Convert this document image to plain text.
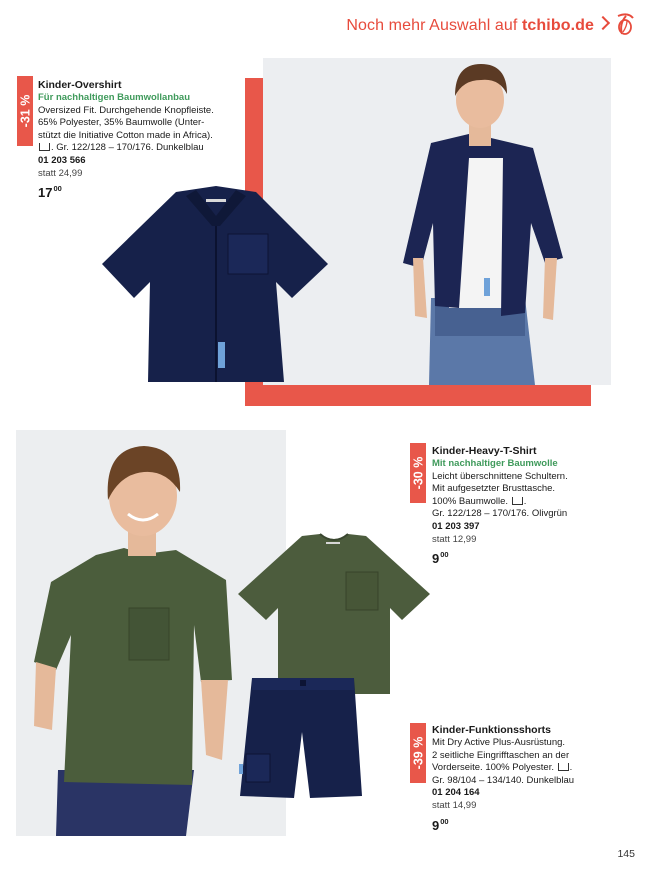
Noch mehr Auswahl auf tchibo.de
-31 %
Kinder-Overshirt
Für nachhaltigen Baumwollanbau
Oversized Fit. Durchgehende Knopfleiste.
65% Polyester, 35% Baumwolle (Unter-
stützt die Initiative Cotton made in Africa).
. Gr. 122/128 – 170/176. Dunkelblau
01 203 566
statt 24,99
$17^{00}$
-30 %
Kinder-Heavy-T-Shirt
Mit nachhaltiger Baumwolle
Leicht überschnittene Schultern.
Mit aufgesetzter Brusttasche.
100% Baumwolle. .
Gr. 122/128 – 170/176. Olivgrün
01 203 397
statt 12,99
$9^{00}$
-39 %
Kinder-Funktionsshorts
Mit Dry Active Plus-Ausrüstung.
2 seitliche Eingrifftaschen an der
Vorderseite. 100% Polyester. .
Gr. 98/104 – 134/140. Dunkelblau
01 204 164
statt 14,99
$9^{00}$
145
